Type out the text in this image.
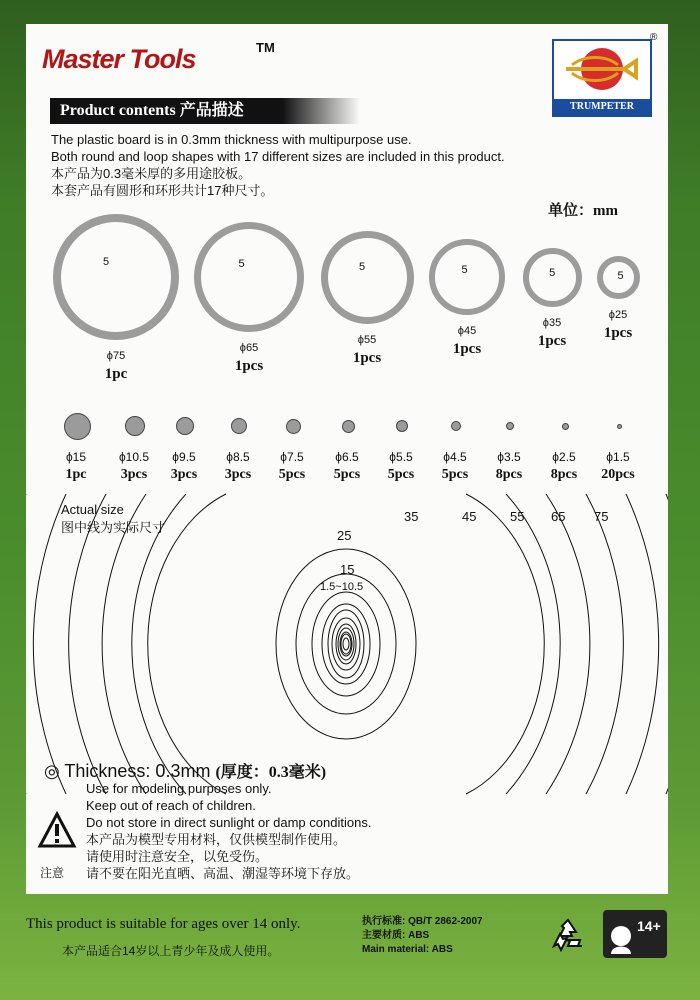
Master Tools	TM
TRUMPETER
®
Product contents 产品描述
The plastic board is in 0.3mm thickness with multipurpose use.
Both round and loop shapes with 17 different sizes are included in this product.
本产品为0.3毫米厚的多用途胶板。
本套产品有圆形和环形共计17种尺寸。
单位：mm
5
ϕ75
1pc
5
ϕ65
1pcs
5
ϕ55
1pcs
5
ϕ45
1pcs
5
ϕ35
1pcs
5
ϕ25
1pcs
ϕ15
1pc
ϕ10.5
3pcs
ϕ9.5
3pcs
ϕ8.5
3pcs
ϕ7.5
5pcs
ϕ6.5
5pcs
ϕ5.5
5pcs
ϕ4.5
5pcs
ϕ3.5
8pcs
ϕ2.5
8pcs
ϕ1.5
20pcs
Actual size
图中线为实际尺寸
35	45	55 65 75
25
15
1.5~10.5
◎ Thickness: 0.3mm (厚度：0.3毫米)
注意
Use for modeling purposes only.
Keep out of reach of children.
Do not store in direct sunlight or damp conditions.
本产品为模型专用材料，仅供模型制作使用。
请使用时注意安全，以免受伤。
请不要在阳光直晒、高温、潮湿等环境下存放。
This product is suitable for ages over 14 only.
本产品适合14岁以上青少年及成人使用。
执行标准: QB/T 2862-2007
主要材质: ABS
Main material: ABS
14+
